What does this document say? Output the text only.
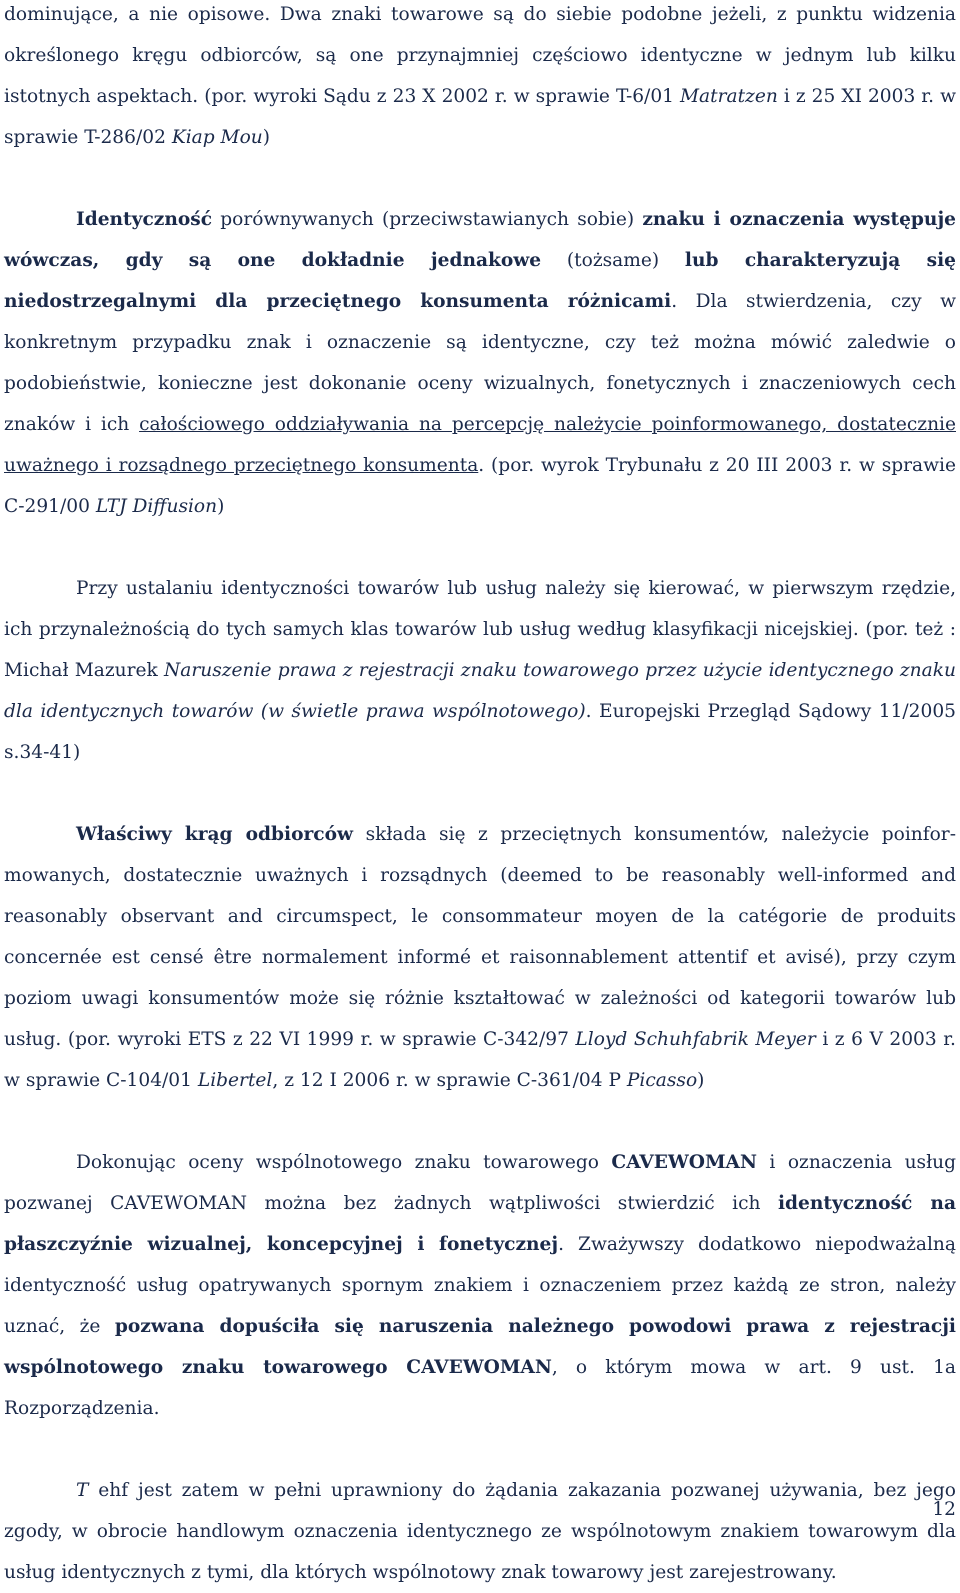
dominujące, a nie opisowe. Dwa znaki towarowe są do siebie podobne jeżeli, z punktu widzenia określonego kręgu odbiorców, są one przynajmniej częściowo identyczne w jednym lub kilku istotnych aspektach. (por. wyroki Sądu z 23 X 2002 r. w sprawie T-6/01 Matratzen i z 25 XI 2003 r. w sprawie T-286/02 Kiap Mou)

Identyczność porównywanych (przeciwstawianych sobie) znaku i oznaczenia występuje wówczas, gdy są one dokładnie jednakowe (tożsame) lub charakteryzują się niedostrzegalnymi dla przeciętnego konsumenta różnicami. Dla stwierdzenia, czy w konkretnym przypadku znak i oznaczenie są identyczne, czy też można mówić zaledwie o podobieństwie, konieczne jest dokonanie oceny wizualnych, fonetycznych i znaczeniowych cech znaków i ich całościowego oddziaływania na percepcję należycie poinformowanego, dostatecznie uważnego i rozsądnego przeciętnego konsumenta. (por. wyrok Trybunału z 20 III 2003 r. w sprawie C-291/00 LTJ Diffusion)

Przy ustalaniu identyczności towarów lub usług należy się kierować, w pierwszym rzędzie, ich przynależnością do tych samych klas towarów lub usług według klasyfikacji nicejskiej. (por. też : Michał Mazurek Naruszenie prawa z rejestracji znaku towarowego przez użycie identycznego znaku dla identycznych towarów (w świetle prawa wspólnotowego). Europejski Przegląd Sądowy 11/2005 s.34-41)

Właściwy krąg odbiorców składa się z przeciętnych konsumentów, należycie poinfor- mowanych, dostatecznie uważnych i rozsądnych (deemed to be reasonably well-informed and reasonably observant and circumspect, le consommateur moyen de la catégorie de produits concernée est censé être normalement informé et raisonnablement attentif et avisé), przy czym poziom uwagi konsumentów może się różnie kształtować w zależności od kategorii towarów lub usług. (por. wyroki ETS z 22 VI 1999 r. w sprawie C-342/97 Lloyd Schuhfabrik Meyer i z 6 V 2003 r. w sprawie C-104/01 Libertel, z 12 I 2006 r. w sprawie C-361/04 P Picasso)

Dokonując oceny wspólnotowego znaku towarowego CAVEWOMAN i oznaczenia usług pozwanej CAVEWOMAN można bez żadnych wątpliwości stwierdzić ich identyczność na płaszczyźnie wizualnej, koncepcyjnej i fonetycznej. Zważywszy dodatkowo niepodważalną identyczność usług opatrywanych spornym znakiem i oznaczeniem przez każdą ze stron, należy uznać, że pozwana dopuściła się naruszenia należnego powodowi prawa z rejestracji wspólnotowego znaku towarowego CAVEWOMAN, o którym mowa w art. 9 ust. 1a Rozporządzenia.

T ehf jest zatem w pełni uprawniony do żądania zakazania pozwanej używania, bez jego zgody, w obrocie handlowym oznaczenia identycznego ze wspólnotowym znakiem towarowym dla usług identycznych z tymi, dla których wspólnotowy znak towarowy jest zarejestrowany.

12
